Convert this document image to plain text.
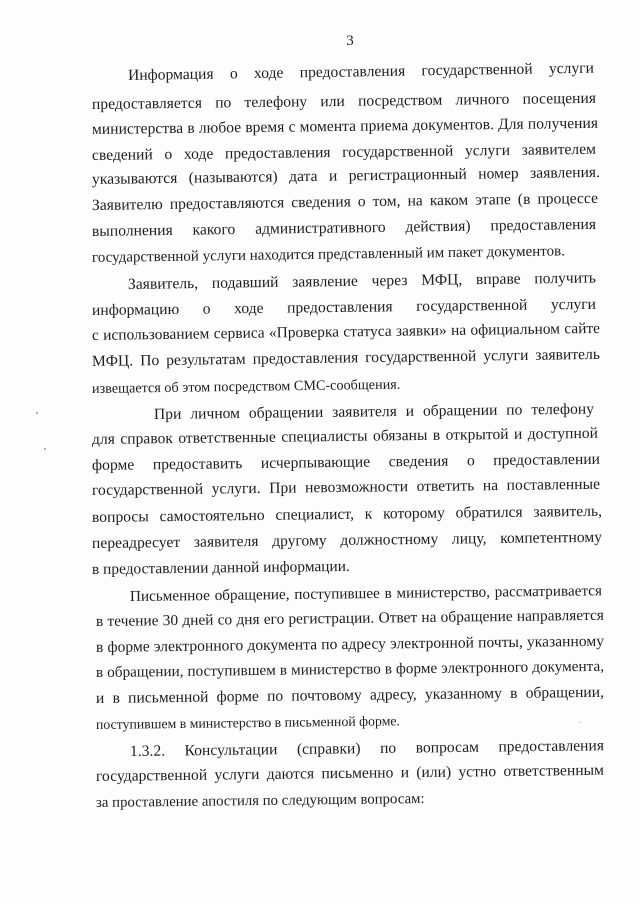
3
Информация о ходе предоставления государственной услуги
предоставляется по телефону или посредством личного посещения
министерства в любое время с момента приема документов. Для получения
сведений о ходе предоставления государственной услуги заявителем
указываются (называются) дата и регистрационный номер заявления.
Заявителю предоставляются сведения о том, на каком этапе (в процессе
выполнения какого административного действия) предоставления
государственной услуги находится представленный им пакет документов.
Заявитель, подавший заявление через МФЦ, вправе получить
информацию о ходе предоставления государственной услуги
с использованием сервиса «Проверка статуса заявки» на официальном сайте
МФЦ. По результатам предоставления государственной услуги заявитель
извещается об этом посредством СМС-сообщения.
При личном обращении заявителя и обращении по телефону
для справок ответственные специалисты обязаны в открытой и доступной
форме предоставить исчерпывающие сведения о предоставлении
государственной услуги. При невозможности ответить на поставленные
вопросы самостоятельно специалист, к которому обратился заявитель,
переадресует заявителя другому должностному лицу, компетентному
в предоставлении данной информации.
Письменное обращение, поступившее в министерство, рассматривается
в течение 30 дней со дня его регистрации. Ответ на обращение направляется
в форме электронного документа по адресу электронной почты, указанному
в обращении, поступившем в министерство в форме электронного документа,
и в письменной форме по почтовому адресу, указанному в обращении,
поступившем в министерство в письменной форме.
1.3.2. Консультации (справки) по вопросам предоставления
государственной услуги даются письменно и (или) устно ответственным
за проставление апостиля по следующим вопросам:
